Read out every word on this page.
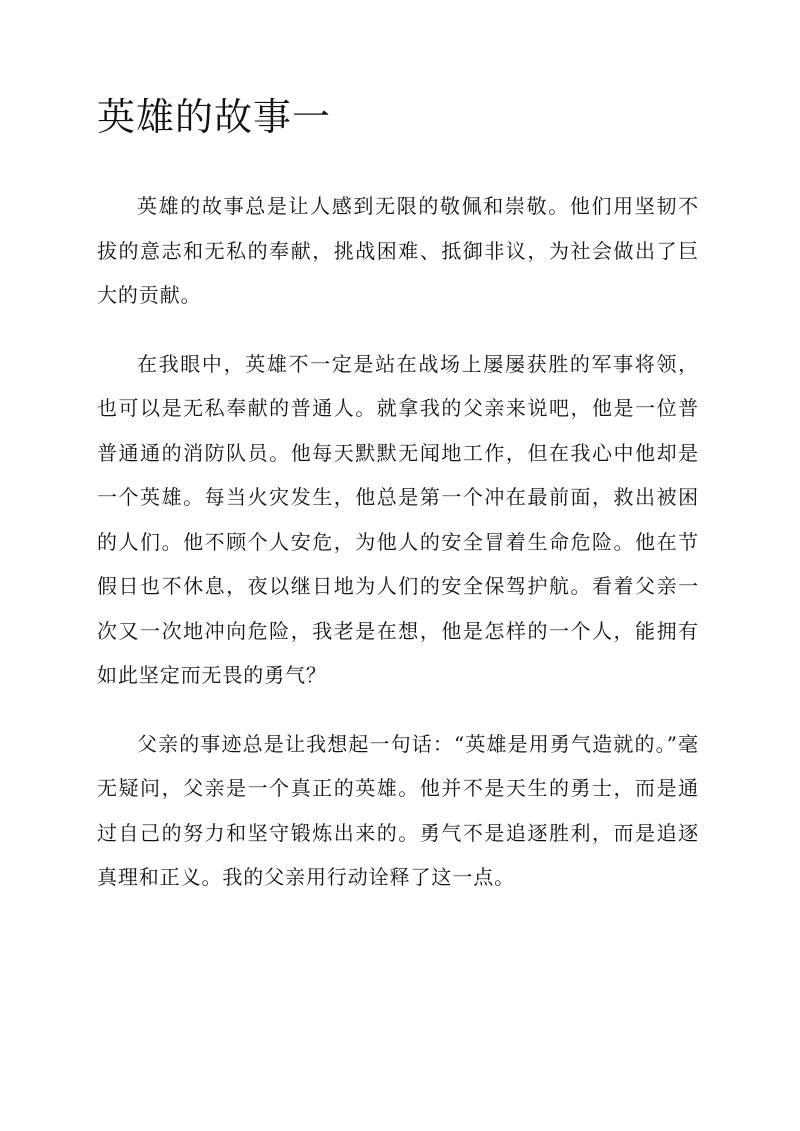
英雄的故事一

英雄的故事总是让人感到无限的敬佩和崇敬。他们用坚韧不拔的意志和无私的奉献，挑战困难、抵御非议，为社会做出了巨大的贡献。

在我眼中，英雄不一定是站在战场上屡屡获胜的军事将领，也可以是无私奉献的普通人。就拿我的父亲来说吧，他是一位普普通通的消防队员。他每天默默无闻地工作，但在我心中他却是一个英雄。每当火灾发生，他总是第一个冲在最前面，救出被困的人们。他不顾个人安危，为他人的安全冒着生命危险。他在节假日也不休息，夜以继日地为人们的安全保驾护航。看着父亲一次又一次地冲向危险，我老是在想，他是怎样的一个人，能拥有如此坚定而无畏的勇气？

父亲的事迹总是让我想起一句话：“英雄是用勇气造就的。”毫无疑问，父亲是一个真正的英雄。他并不是天生的勇士，而是通过自己的努力和坚守锻炼出来的。勇气不是追逐胜利，而是追逐真理和正义。我的父亲用行动诠释了这一点。
